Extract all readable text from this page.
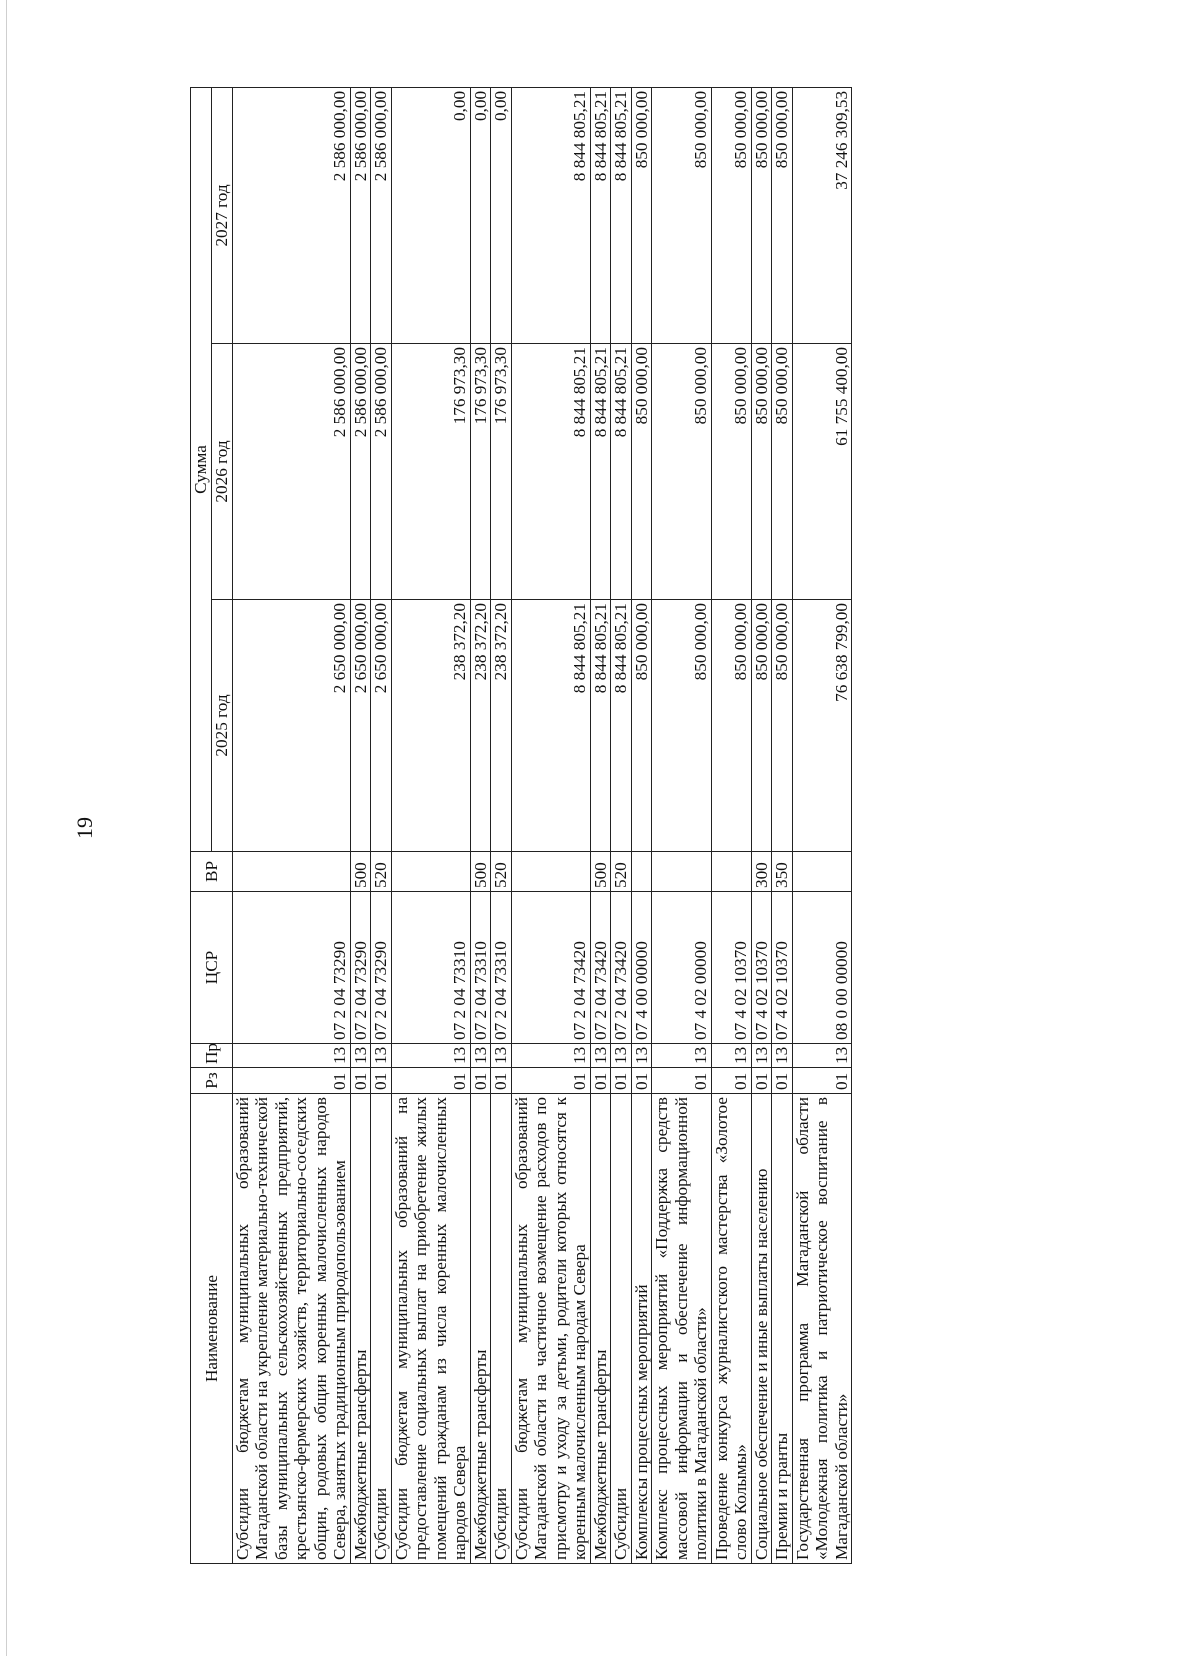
19
Наименование	Рз	Пр	ЦСР	ВР	Сумма		
					2025 год	2026 год	2027 год
Субсидии бюджетам муниципальных образований Магаданской области на укрепление материально-технической базы муниципальных сельскохозяйственных предприятий, крестьянско-фермерских хозяйств, территориально-соседских общин, родовых общин коренных малочисленных народов Севера, занятых традиционным природопользованием	01	13	07 2 04 73290		2 650 000,00	2 586 000,00	2 586 000,00
Межбюджетные трансферты	01	13	07 2 04 73290	500	2 650 000,00	2 586 000,00	2 586 000,00
Субсидии	01	13	07 2 04 73290	520	2 650 000,00	2 586 000,00	2 586 000,00
Субсидии бюджетам муниципальных образований на предоставление социальных выплат на приобретение жилых помещений гражданам из числа коренных малочисленных народов Севера	01	13	07 2 04 73310		238 372,20	176 973,30	0,00
Межбюджетные трансферты	01	13	07 2 04 73310	500	238 372,20	176 973,30	0,00
Субсидии	01	13	07 2 04 73310	520	238 372,20	176 973,30	0,00
Субсидии бюджетам муниципальных образований Магаданской области на частичное возмещение расходов по присмотру и уходу за детьми, родители которых относятся к коренным малочисленным народам Севера	01	13	07 2 04 73420		8 844 805,21	8 844 805,21	8 844 805,21
Межбюджетные трансферты	01	13	07 2 04 73420	500	8 844 805,21	8 844 805,21	8 844 805,21
Субсидии	01	13	07 2 04 73420	520	8 844 805,21	8 844 805,21	8 844 805,21
Комплексы процессных мероприятий	01	13	07 4 00 00000		850 000,00	850 000,00	850 000,00
Комплекс процессных мероприятий «Поддержка средств массовой информации и обеспечение информационной политики в Магаданской области»	01	13	07 4 02 00000		850 000,00	850 000,00	850 000,00
Проведение конкурса журналистского мастерства «Золотое слово Колымы»	01	13	07 4 02 10370		850 000,00	850 000,00	850 000,00
Социальное обеспечение и иные выплаты населению	01	13	07 4 02 10370	300	850 000,00	850 000,00	850 000,00
Премии и гранты	01	13	07 4 02 10370	350	850 000,00	850 000,00	850 000,00
Государственная программа Магаданской области «Молодежная политика и патриотическое воспитание в Магаданской области»	01	13	08 0 00 00000		76 638 799,00	61 755 400,00	37 246 309,53
